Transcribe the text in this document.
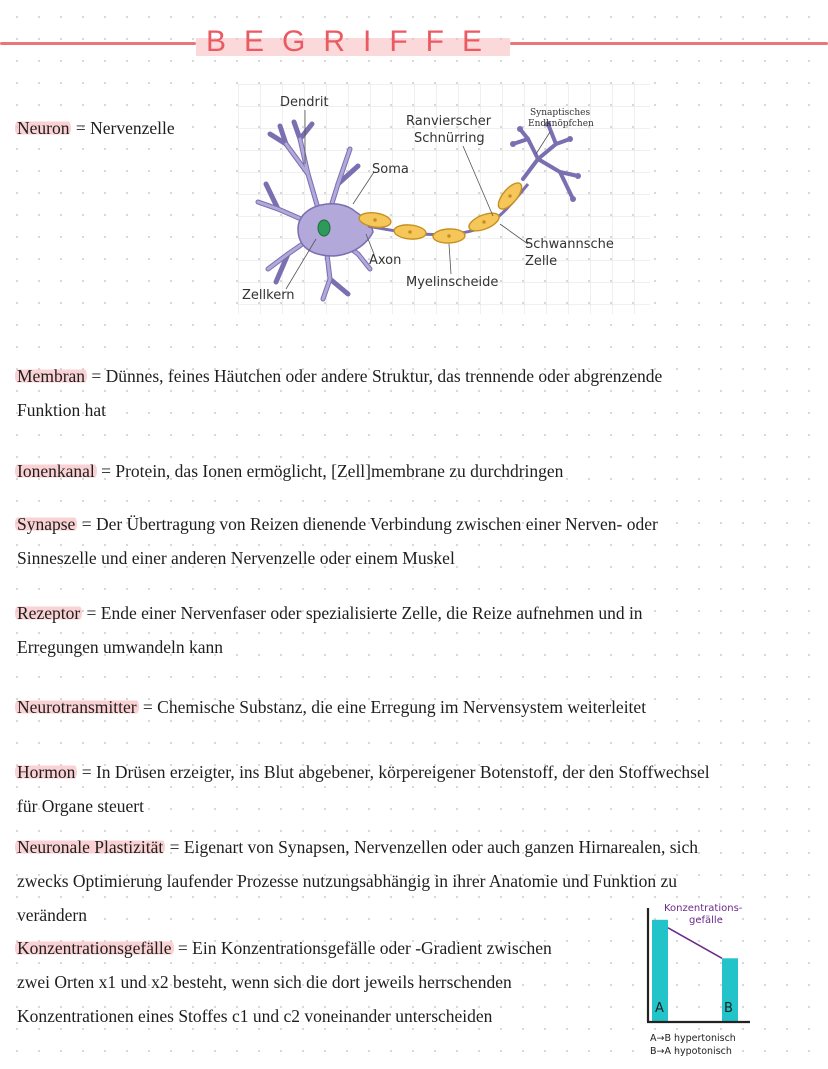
BEGRIFFE
Neuron = Nervenzelle
Dendrit
Ranvierscher
Schnürring
Synaptisches
Endknöpfchen
Soma
Axon
Schwannsche
Zelle
Myelinscheide
Zellkern
Membran = Dünnes, feines Häutchen oder andere Struktur, das trennende oder abgrenzende
Funktion hat
Ionenkanal = Protein, das Ionen ermöglicht, [Zell]membrane zu durchdringen
Synapse = Der Übertragung von Reizen dienende Verbindung zwischen einer Nerven- oder
Sinneszelle und einer anderen Nervenzelle oder einem Muskel
Rezeptor = Ende einer Nervenfaser oder spezialisierte Zelle, die Reize aufnehmen und in
Erregungen umwandeln kann
Neurotransmitter = Chemische Substanz, die eine Erregung im Nervensystem weiterleitet
Hormon = In Drüsen erzeigter, ins Blut abgebener, körpereigener Botenstoff, der den Stoffwechsel
für Organe steuert
Neuronale Plastizität = Eigenart von Synapsen, Nervenzellen oder auch ganzen Hirnarealen, sich
zwecks Optimierung laufender Prozesse nutzungsabhängig in ihrer Anatomie und Funktion zu
verändern
Konzentrationsgefälle = Ein Konzentrationsgefälle oder -Gradient zwischen
zwei Orten x1 und x2 besteht, wenn sich die dort jeweils herrschenden
Konzentrationen eines Stoffes c1 und c2 voneinander unterscheiden
Konzentrations-
gefälle
A	B
A→B hypertonisch
B→A hypotonisch
